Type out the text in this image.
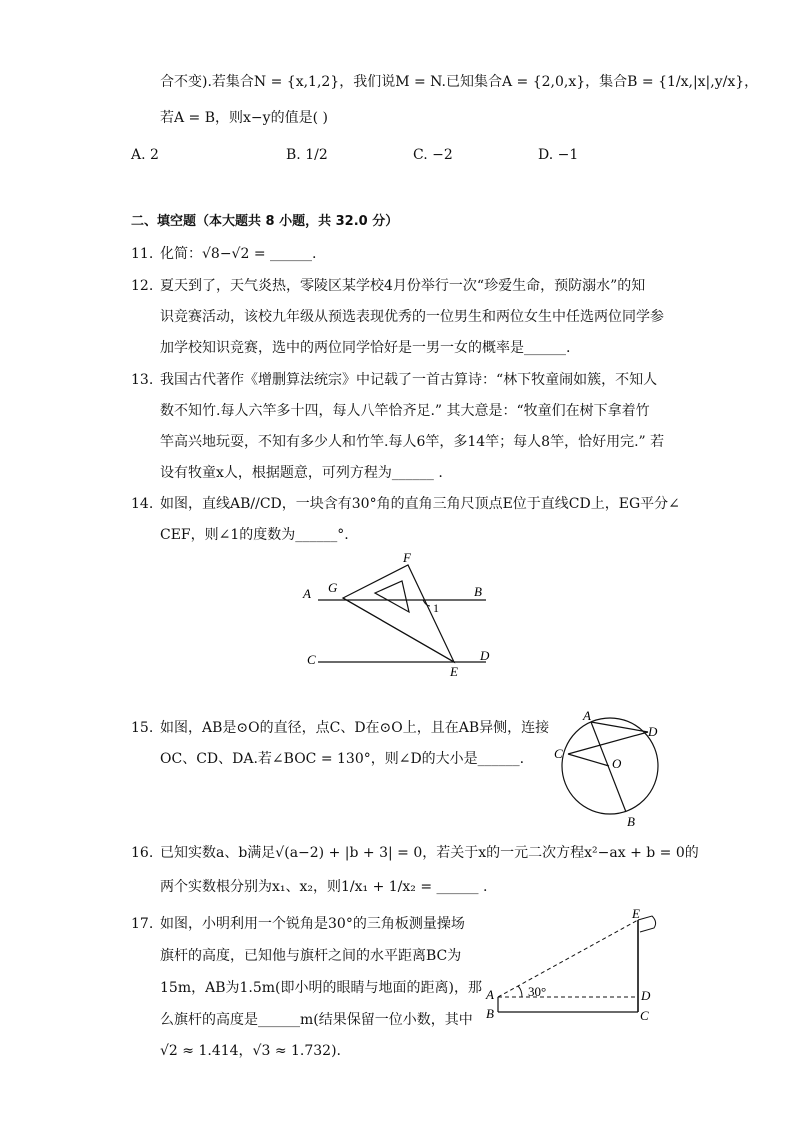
合不变).若集合N = {x,1,2}，我们说M = N.已知集合A = {2,0,x}，集合B = {1/x,|x|,y/x}，
若A = B，则x−y的值是( )
A. 2	B. 1/2	C. −2	D. −1
二、填空题（本大题共 8 小题，共 32.0 分）
11. 化简：√8−√2 = ______.
12. 夏天到了，天气炎热，零陵区某学校4月份举行一次“珍爱生命，预防溺水”的知
识竞赛活动，该校九年级从预选表现优秀的一位男生和两位女生中任选两位同学参
加学校知识竞赛，选中的两位同学恰好是一男一女的概率是______.
13. 我国古代著作《增删算法统宗》中记载了一首古算诗：“林下牧童闹如簇，不知人
数不知竹.每人六竿多十四，每人八竿恰齐足.” 其大意是：“牧童们在树下拿着竹
竿高兴地玩耍，不知有多少人和竹竿.每人6竿，多14竿；每人8竿，恰好用完.” 若
设有牧童x人，根据题意，可列方程为______ .
14. 如图，直线AB//CD，一块含有30°角的直角三角尺顶点E位于直线CD上，EG平分∠
CEF，则∠1的度数为______°.
A G
F
B
1
C	D
E
15. 如图，AB是⊙O的直径，点C、D在⊙O上，且在AB异侧，连接
OC、CD、DA.若∠BOC = 130°，则∠D的大小是______.
A
D
C
O
B
16. 已知实数a、b满足√(a−2) + |b + 3| = 0，若关于x的一元二次方程x²−ax + b = 0的
两个实数根分别为x₁、x₂，则1/x₁ + 1/x₂ = ______ .
17. 如图，小明利用一个锐角是30°的三角板测量操场
旗杆的高度，已知他与旗杆之间的水平距离BC为
15m，AB为1.5m(即小明的眼睛与地面的距离)，那
么旗杆的高度是______m(结果保留一位小数，其中
√2 ≈ 1.414，√3 ≈ 1.732).
E
A	30°	D
B	C
